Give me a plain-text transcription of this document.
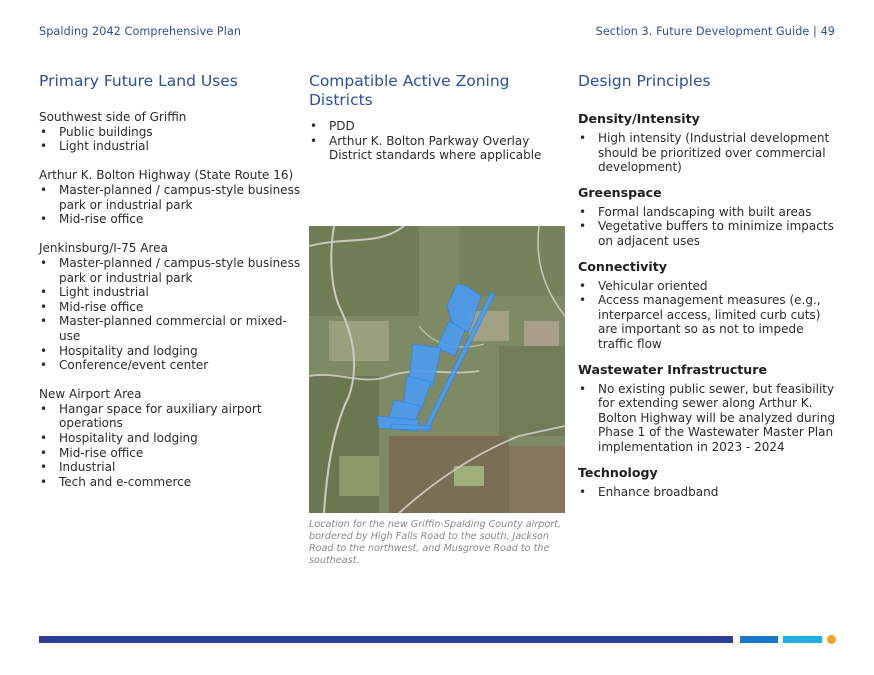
Spalding 2042 Comprehensive Plan	Section 3. Future Development Guide | 49
Primary Future Land Uses
Southwest side of Griffin
• Public buildings
• Light industrial
Arthur K. Bolton Highway (State Route 16)
• Master-planned / campus-style business park or industrial park
• Mid-rise office
Jenkinsburg/I-75 Area
• Master-planned / campus-style business park or industrial park
• Light industrial
• Mid-rise office
• Master-planned commercial or mixed-use
• Hospitality and lodging
• Conference/event center
New Airport Area
• Hangar space for auxiliary airport operations
• Hospitality and lodging
• Mid-rise office
• Industrial
• Tech and e-commerce
Compatible Active Zoning Districts
• PDD
• Arthur K. Bolton Parkway Overlay District standards where applicable
Location for the new Griffin-Spalding County airport, bordered by High Falls Road to the south, Jackson Road to the northwest, and Musgrove Road to the southeast.
Design Principles
Density/Intensity
• High intensity (Industrial development should be prioritized over commercial development)
Greenspace
• Formal landscaping with built areas
• Vegetative buffers to minimize impacts on adjacent uses
Connectivity
• Vehicular oriented
• Access management measures (e.g., interparcel access, limited curb cuts) are important so as not to impede traffic flow
Wastewater Infrastructure
• No existing public sewer, but feasibility for extending sewer along Arthur K. Bolton Highway will be analyzed during Phase 1 of the Wastewater Master Plan implementation in 2023 - 2024
Technology
• Enhance broadband
